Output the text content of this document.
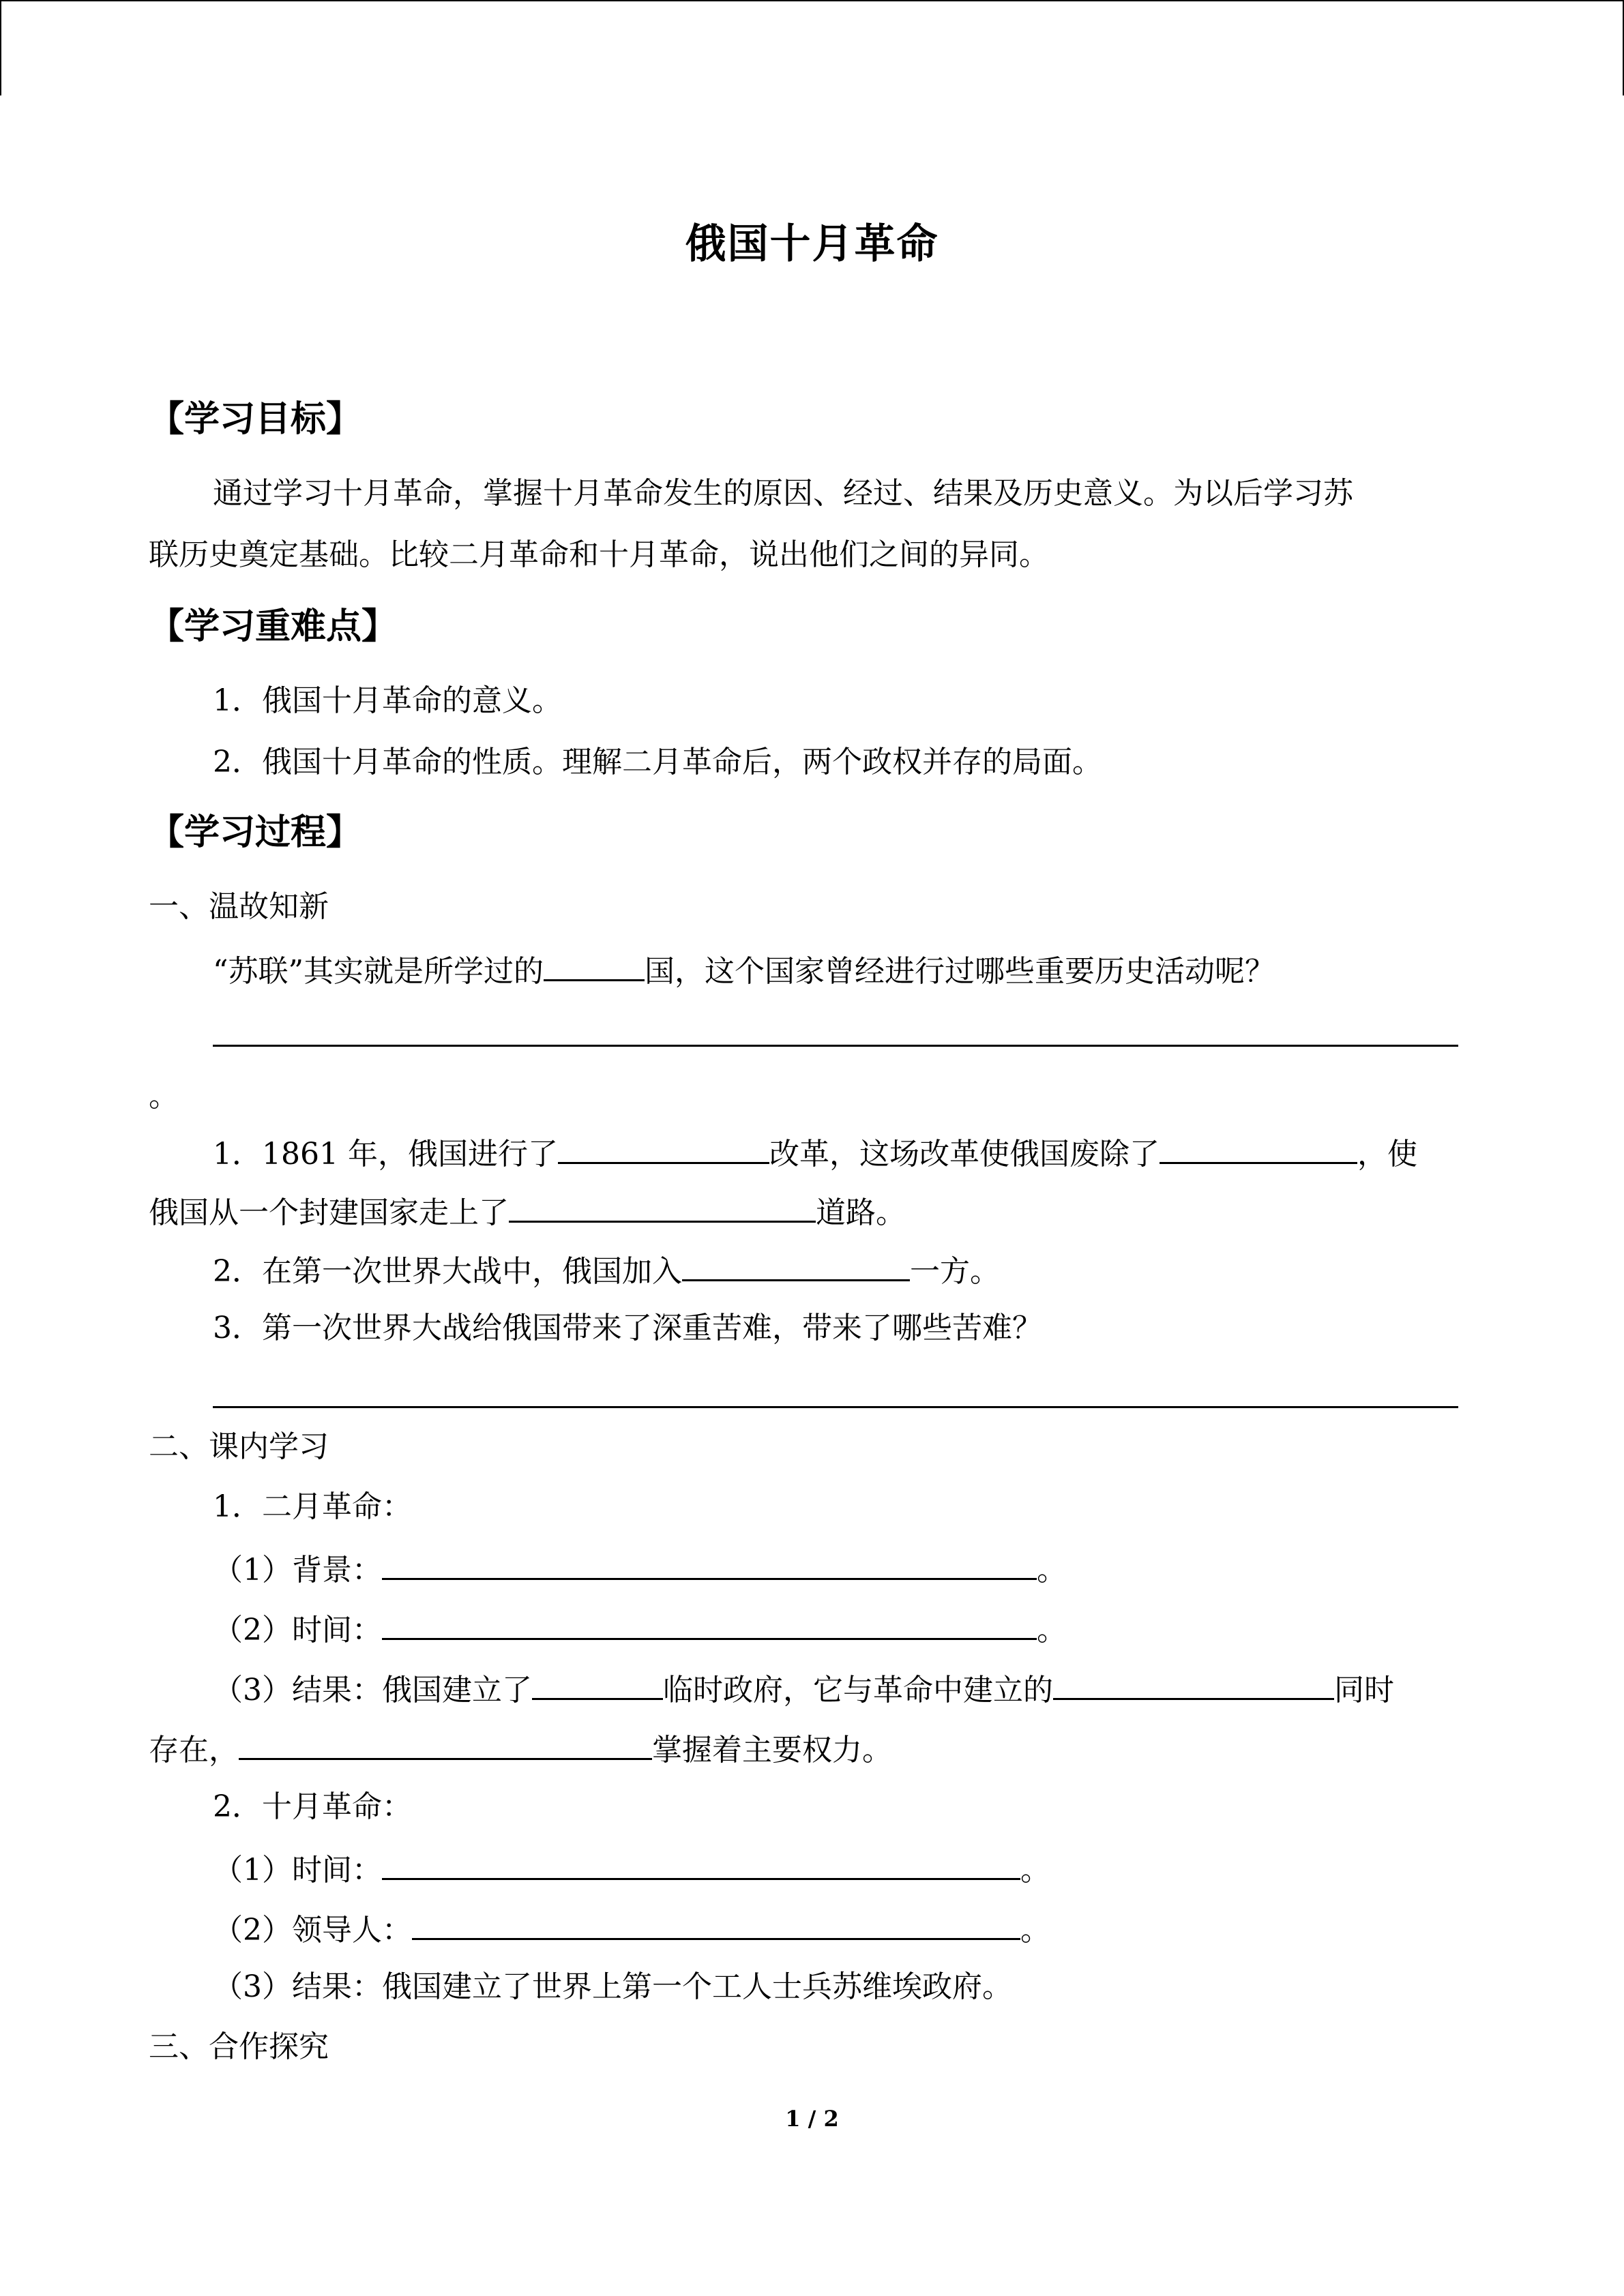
俄国十月革命
【学习目标】
通过学习十月革命，掌握十月革命发生的原因、经过、结果及历史意义。为以后学习苏
联历史奠定基础。比较二月革命和十月革命，说出他们之间的异同。
【学习重难点】
1．俄国十月革命的意义。
2．俄国十月革命的性质。理解二月革命后，两个政权并存的局面。
【学习过程】
一、温故知新
“苏联”其实就是所学过的	国，这个国家曾经进行过哪些重要历史活动呢？
。
1．1861 年，俄国进行了	改革，这场改革使俄国废除了	，使
俄国从一个封建国家走上了	道路。
2．在第一次世界大战中，俄国加入	一方。
3．第一次世界大战给俄国带来了深重苦难，带来了哪些苦难？
二、课内学习
1．二月革命：
（1）背景：	。
（2）时间：	。
（3）结果：俄国建立了	临时政府，它与革命中建立的	同时
存在，	掌握着主要权力。
2．十月革命：
（1）时间：	。
（2）领导人：	。
（3）结果：俄国建立了世界上第一个工人士兵苏维埃政府。
三、合作探究
1 / 2
